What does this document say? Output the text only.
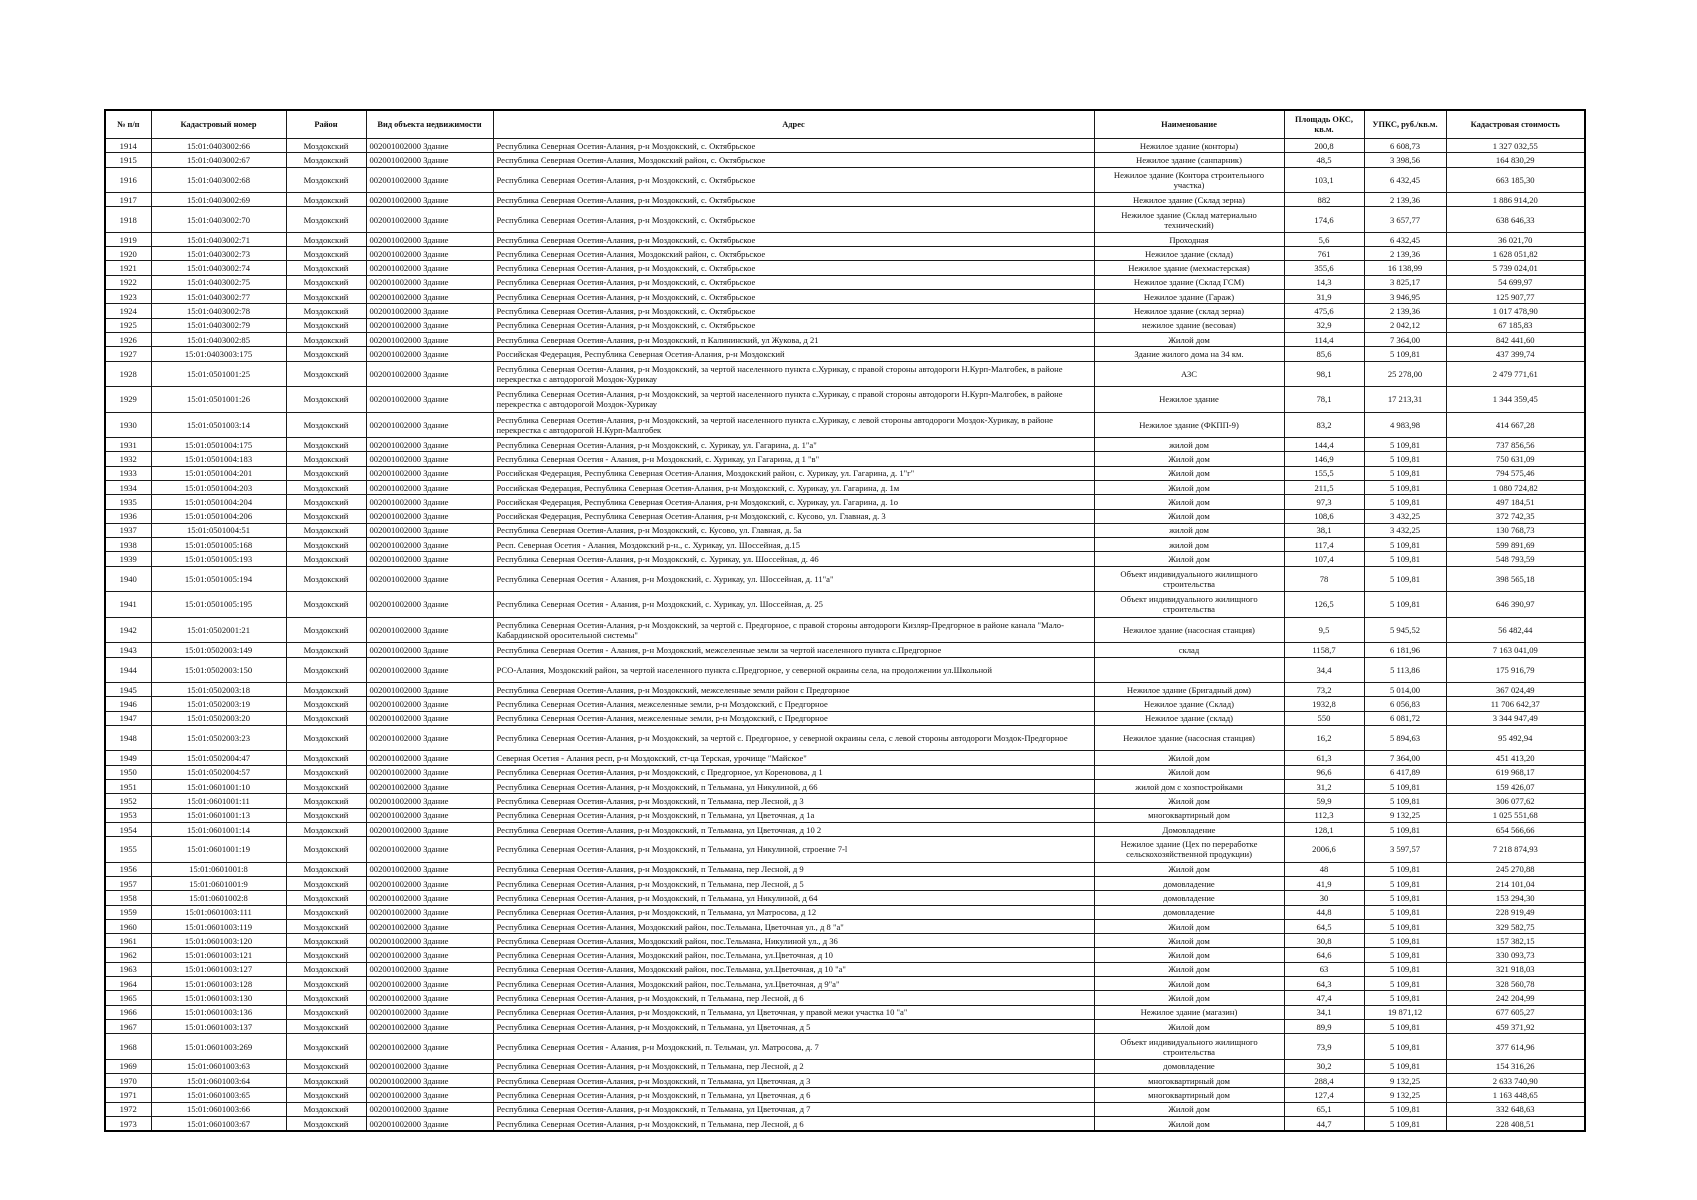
№ п/п	Кадастровый номер	Район	Вид объекта недвижимости	Адрес	Наименование	Площадь ОКС, кв.м.	УПКС, руб./кв.м.	Кадастровая стоимость
1914	15:01:0403002:66	Моздокский	002001002000 Здание	Республика Северная Осетия-Алания, р-н Моздокский, с. Октябрьское	Нежилое здание (конторы)	200,8	6 608,73	1 327 032,55
1915	15:01:0403002:67	Моздокский	002001002000 Здание	Республика Северная Осетия-Алания, Моздокский район, с. Октябрьское	Нежилое здание (санпарник)	48,5	3 398,56	164 830,29
1916	15:01:0403002:68	Моздокский	002001002000 Здание	Республика Северная Осетия-Алания, р-н Моздокский, с. Октябрьское	Нежилое здание (Контора строительного участка)	103,1	6 432,45	663 185,30
1917	15:01:0403002:69	Моздокский	002001002000 Здание	Республика Северная Осетия-Алания, р-н Моздокский, с. Октябрьское	Нежилое здание (Склад зерна)	882	2 139,36	1 886 914,20
1918	15:01:0403002:70	Моздокский	002001002000 Здание	Республика Северная Осетия-Алания, р-н Моздокский, с. Октябрьское	Нежилое здание (Склад материально технический)	174,6	3 657,77	638 646,33
1919	15:01:0403002:71	Моздокский	002001002000 Здание	Республика Северная Осетия-Алания, р-н Моздокский, с. Октябрьское	Проходная	5,6	6 432,45	36 021,70
1920	15:01:0403002:73	Моздокский	002001002000 Здание	Республика Северная Осетия-Алания, Моздокский район, с. Октябрьское	Нежилое здание (склад)	761	2 139,36	1 628 051,82
1921	15:01:0403002:74	Моздокский	002001002000 Здание	Республика Северная Осетия-Алания, р-н Моздокский, с. Октябрьское	Нежилое здание (мехмастерская)	355,6	16 138,99	5 739 024,01
1922	15:01:0403002:75	Моздокский	002001002000 Здание	Республика Северная Осетия-Алания, р-н Моздокский, с. Октябрьское	Нежилое здание (Склад ГСМ)	14,3	3 825,17	54 699,97
1923	15:01:0403002:77	Моздокский	002001002000 Здание	Республика Северная Осетия-Алания, р-н Моздокский, с. Октябрьское	Нежилое здание (Гараж)	31,9	3 946,95	125 907,77
1924	15:01:0403002:78	Моздокский	002001002000 Здание	Республика Северная Осетия-Алания, р-н Моздокский, с. Октябрьское	Нежилое здание (склад зерна)	475,6	2 139,36	1 017 478,90
1925	15:01:0403002:79	Моздокский	002001002000 Здание	Республика Северная Осетия-Алания, р-н Моздокский, с. Октябрьское	нежилое здание (весовая)	32,9	2 042,12	67 185,83
1926	15:01:0403002:85	Моздокский	002001002000 Здание	Республика Северная Осетия-Алания, р-н Моздокский, п Калининский, ул Жукова, д 21	Жилой дом	114,4	7 364,00	842 441,60
1927	15:01:0403003:175	Моздокский	002001002000 Здание	Российская Федерация, Республика Северная Осетия-Алания, р-н Моздокский	Здание жилого дома на 34 км.	85,6	5 109,81	437 399,74
1928	15:01:0501001:25	Моздокский	002001002000 Здание	Республика Северная Осетия-Алания, р-н Моздокский, за чертой населенного пункта с.Хурикау, с правой стороны автодороги Н.Курп-Малгобек, в районе перекрестка с автодорогой Моздок-Хурикау	АЗС	98,1	25 278,00	2 479 771,61
1929	15:01:0501001:26	Моздокский	002001002000 Здание	Республика Северная Осетия-Алания, р-н Моздокский, за чертой населенного пункта с.Хурикау, с правой стороны автодороги Н.Курп-Малгобек, в районе перекрестка с автодорогой Моздок-Хурикау	Нежилое здание	78,1	17 213,31	1 344 359,45
1930	15:01:0501003:14	Моздокский	002001002000 Здание	Республика Северная Осетия-Алания, р-н Моздокский, за чертой населенного пункта с.Хурикау, с левой стороны автодороги Моздок-Хурикау, в районе перекрестка с автодорогой Н.Курп-Малгобек	Нежилое здание (ФКПП-9)	83,2	4 983,98	414 667,28
1931	15:01:0501004:175	Моздокский	002001002000 Здание	Республика Северная Осетия-Алания, р-н Моздокский, с. Хурикау, ул. Гагарина, д. 1"а"	жилой дом	144,4	5 109,81	737 856,56
1932	15:01:0501004:183	Моздокский	002001002000 Здание	Республика Северная Осетия - Алания, р-н Моздокский, с. Хурикау, ул Гагарина, д 1 "в"	Жилой дом	146,9	5 109,81	750 631,09
1933	15:01:0501004:201	Моздокский	002001002000 Здание	Российская Федерация, Республика Северная Осетия-Алания, Моздокский район, с. Хурикау, ул. Гагарина, д. 1"г"	Жилой дом	155,5	5 109,81	794 575,46
1934	15:01:0501004:203	Моздокский	002001002000 Здание	Российская Федерация, Республика Северная Осетия-Алания, р-н Моздокский, с. Хурикау, ул. Гагарина, д. 1м	Жилой дом	211,5	5 109,81	1 080 724,82
1935	15:01:0501004:204	Моздокский	002001002000 Здание	Российская Федерация, Республика Северная Осетия-Алания, р-н Моздокский, с. Хурикау, ул. Гагарина, д. 1о	Жилой дом	97,3	5 109,81	497 184,51
1936	15:01:0501004:206	Моздокский	002001002000 Здание	Российская Федерация, Республика Северная Осетия-Алания, р-н Моздокский, с. Кусово, ул. Главная, д. 3	Жилой дом	108,6	3 432,25	372 742,35
1937	15:01:0501004:51	Моздокский	002001002000 Здание	Республика Северная Осетия-Алания, р-н Моздокский, с. Кусово, ул. Главная, д. 5а	жилой дом	38,1	3 432,25	130 768,73
1938	15:01:0501005:168	Моздокский	002001002000 Здание	Респ. Северная Осетия - Алания, Моздокский р-н., с. Хурикау, ул. Шоссейная, д.15	жилой дом	117,4	5 109,81	599 891,69
1939	15:01:0501005:193	Моздокский	002001002000 Здание	Республика Северная Осетия-Алания, р-н Моздокский, с. Хурикау, ул. Шоссейная, д. 46	Жилой дом	107,4	5 109,81	548 793,59
1940	15:01:0501005:194	Моздокский	002001002000 Здание	Республика Северная Осетия - Алания, р-н Моздокский, с. Хурикау, ул. Шоссейная, д. 11"а"	Объект индивидуального жилищного строительства	78	5 109,81	398 565,18
1941	15:01:0501005:195	Моздокский	002001002000 Здание	Республика Северная Осетия - Алания, р-н Моздокский, с. Хурикау, ул. Шоссейная, д. 25	Объект индивидуального жилищного строительства	126,5	5 109,81	646 390,97
1942	15:01:0502001:21	Моздокский	002001002000 Здание	Республика Северная Осетия-Алания, р-н Моздокский, за чертой с. Предгорное, с правой стороны автодороги Кизляр-Предгорное в районе канала "Мало-Кабардинской оросительной системы"	Нежилое здание (насосная станция)	9,5	5 945,52	56 482,44
1943	15:01:0502003:149	Моздокский	002001002000 Здание	Республика Северная Осетия - Алания, р-н Моздокский, межселенные земли за чертой населенного пункта с.Предгорное	склад	1158,7	6 181,96	7 163 041,09
1944	15:01:0502003:150	Моздокский	002001002000 Здание	РСО-Алания, Моздокский район, за чертой населенного пункта с.Предгорное, у северной окраины села, на продолжении ул.Школьной		34,4	5 113,86	175 916,79
1945	15:01:0502003:18	Моздокский	002001002000 Здание	Республика Северная Осетия-Алания, р-н Моздокский, межселенные земли район с Предгорное	Нежилое здание (Бригадный дом)	73,2	5 014,00	367 024,49
1946	15:01:0502003:19	Моздокский	002001002000 Здание	Республика Северная Осетия-Алания, межселенные земли, р-н Моздокский, с Предгорное	Нежилое здание (Склад)	1932,8	6 056,83	11 706 642,37
1947	15:01:0502003:20	Моздокский	002001002000 Здание	Республика Северная Осетия-Алания, межселенные земли, р-н Моздокский, с Предгорное	Нежилое здание (склад)	550	6 081,72	3 344 947,49
1948	15:01:0502003:23	Моздокский	002001002000 Здание	Республика Северная Осетия-Алания, р-н Моздокский, за чертой с. Предгорное, у северной окраины села, с левой стороны автодороги Моздок-Предгорное	Нежилое здание (насосная станция)	16,2	5 894,63	95 492,94
1949	15:01:0502004:47	Моздокский	002001002000 Здание	Северная Осетия - Алания респ, р-н Моздокский, ст-ца Терская, урочище "Майское"	Жилой дом	61,3	7 364,00	451 413,20
1950	15:01:0502004:57	Моздокский	002001002000 Здание	Республика Северная Осетия-Алания, р-н Моздокский, с Предгорное, ул Кореновова, д 1	Жилой дом	96,6	6 417,89	619 968,17
1951	15:01:0601001:10	Моздокский	002001002000 Здание	Республика Северная Осетия-Алания, р-н Моздокский, п Тельмана, ул Никулиной, д 66	жилой дом с хозпостройками	31,2	5 109,81	159 426,07
1952	15:01:0601001:11	Моздокский	002001002000 Здание	Республика Северная Осетия-Алания, р-н Моздокский, п Тельмана, пер Лесной, д 3	Жилой дом	59,9	5 109,81	306 077,62
1953	15:01:0601001:13	Моздокский	002001002000 Здание	Республика Северная Осетия-Алания, р-н Моздокский, п Тельмана, ул Цветочная, д 1а	многоквартирный дом	112,3	9 132,25	1 025 551,68
1954	15:01:0601001:14	Моздокский	002001002000 Здание	Республика Северная Осетия-Алания, р-н Моздокский, п Тельмана, ул Цветочная, д 10 2	Домовладение	128,1	5 109,81	654 566,66
1955	15:01:0601001:19	Моздокский	002001002000 Здание	Республика Северная Осетия-Алания, р-н Моздокский, п Тельмана, ул Никулиной, строение 7-l	Нежилое здание (Цех по переработке сельскохозяйственной продукции)	2006,6	3 597,57	7 218 874,93
1956	15:01:0601001:8	Моздокский	002001002000 Здание	Республика Северная Осетия-Алания, р-н Моздокский, п Тельмана, пер Лесной, д 9	Жилой дом	48	5 109,81	245 270,88
1957	15:01:0601001:9	Моздокский	002001002000 Здание	Республика Северная Осетия-Алания, р-н Моздокский, п Тельмана, пер Лесной, д 5	домовладение	41,9	5 109,81	214 101,04
1958	15:01:0601002:8	Моздокский	002001002000 Здание	Республика Северная Осетия-Алания, р-н Моздокский, п Тельмана, ул Никулиной, д 64	домовладение	30	5 109,81	153 294,30
1959	15:01:0601003:111	Моздокский	002001002000 Здание	Республика Северная Осетия-Алания, р-н Моздокский, п Тельмана, ул Матросова, д 12	домовладение	44,8	5 109,81	228 919,49
1960	15:01:0601003:119	Моздокский	002001002000 Здание	Республика Северная Осетия-Алания, Моздокский район, пос.Тельмана, Цветочная ул., д 8 "а"	Жилой дом	64,5	5 109,81	329 582,75
1961	15:01:0601003:120	Моздокский	002001002000 Здание	Республика Северная Осетия-Алания, Моздокский район, пос.Тельмана, Никулиной ул., д 36	Жилой дом	30,8	5 109,81	157 382,15
1962	15:01:0601003:121	Моздокский	002001002000 Здание	Республика Северная Осетия-Алания, Моздокский район, пос.Тельмана, ул.Цветочная, д 10	Жилой дом	64,6	5 109,81	330 093,73
1963	15:01:0601003:127	Моздокский	002001002000 Здание	Республика Северная Осетия-Алания, Моздокский район, пос.Тельмана, ул.Цветочная, д 10 "а"	Жилой дом	63	5 109,81	321 918,03
1964	15:01:0601003:128	Моздокский	002001002000 Здание	Республика Северная Осетия-Алания, Моздокский район, пос.Тельмана, ул.Цветочная, д 9"а"	Жилой дом	64,3	5 109,81	328 560,78
1965	15:01:0601003:130	Моздокский	002001002000 Здание	Республика Северная Осетия-Алания, р-н Моздокский, п Тельмана, пер Лесной, д 6	Жилой дом	47,4	5 109,81	242 204,99
1966	15:01:0601003:136	Моздокский	002001002000 Здание	Республика Северная Осетия-Алания, р-н Моздокский, п Тельмана, ул Цветочная, у правой межи участка 10 "а"	Нежилое здание (магазин)	34,1	19 871,12	677 605,27
1967	15:01:0601003:137	Моздокский	002001002000 Здание	Республика Северная Осетия-Алания, р-н Моздокский, п Тельмана, ул Цветочная, д 5	Жилой дом	89,9	5 109,81	459 371,92
1968	15:01:0601003:269	Моздокский	002001002000 Здание	Республика Северная Осетия - Алания, р-н Моздокский, п. Тельман, ул. Матросова, д. 7	Объект индивидуального жилищного строительства	73,9	5 109,81	377 614,96
1969	15:01:0601003:63	Моздокский	002001002000 Здание	Республика Северная Осетия-Алания, р-н Моздокский, п Тельмана, пер Лесной, д 2	домовладение	30,2	5 109,81	154 316,26
1970	15:01:0601003:64	Моздокский	002001002000 Здание	Республика Северная Осетия-Алания, р-н Моздокский, п Тельмана, ул Цветочная, д 3	многоквартирный дом	288,4	9 132,25	2 633 740,90
1971	15:01:0601003:65	Моздокский	002001002000 Здание	Республика Северная Осетия-Алания, р-н Моздокский, п Тельмана, ул Цветочная, д 6	многоквартирный дом	127,4	9 132,25	1 163 448,65
1972	15:01:0601003:66	Моздокский	002001002000 Здание	Республика Северная Осетия-Алания, р-н Моздокский, п Тельмана, ул Цветочная, д 7	Жилой дом	65,1	5 109,81	332 648,63
1973	15:01:0601003:67	Моздокский	002001002000 Здание	Республика Северная Осетия-Алания, р-н Моздокский, п Тельмана, пер Лесной, д 6	Жилой дом	44,7	5 109,81	228 408,51
